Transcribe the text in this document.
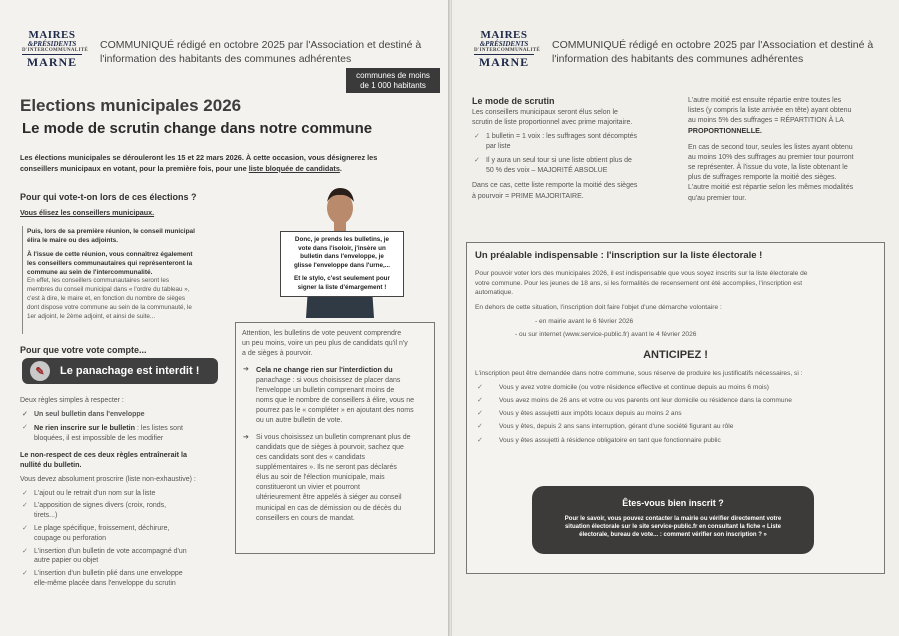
MAIRES
&PRÉSIDENTS
D'INTERCOMMUNALITÉ
MARNE
COMMUNIQUÉ rédigé en octobre 2025 par l'Association et destiné à
l'information des habitants des communes adhérentes
communes de moins
de 1 000 habitants
Elections municipales 2026
Le mode de scrutin change dans notre commune
Les élections municipales se dérouleront les 15 et 22 mars 2026. À cette occasion, vous désignerez les
conseillers municipaux en votant, pour la première fois, pour une liste bloquée de candidats.
Pour qui vote-t-on lors de ces élections ?
Vous élisez les conseillers municipaux.
Puis, lors de sa première réunion, le conseil municipal
élira le maire ou des adjoints.
À l'issue de cette réunion, vous connaîtrez également
les conseillers communautaires qui représenteront la
commune au sein de l'intercommunalité.
En effet, les conseillers communautaires seront les
membres du conseil municipal dans « l'ordre du tableau »,
c'est à dire, le maire et, en fonction du nombre de sièges
dont dispose votre commune au sein de la communauté, le
1er adjoint, le 2ème adjoint, et ainsi de suite...
Donc, je prends les bulletins, je
vote dans l'isoloir, j'insère un
bulletin dans l'enveloppe, je
glisse l'enveloppe dans l'urne,...
Et le stylo, c'est seulement pour
signer la liste d'émargement !
Pour que votre vote compte...
✎	Le panachage est interdit !
Deux règles simples à respecter :
✓ Un seul bulletin dans l'enveloppe
✓ Ne rien inscrire sur le bulletin : les listes sont
bloquées, il est impossible de les modifier
Le non-respect de ces deux règles entraînerait la
nullité du bulletin.
Vous devez absolument proscrire (liste non-exhaustive) :
✓ L'ajout ou le retrait d'un nom sur la liste
✓ L'apposition de signes divers (croix, ronds,
tirets...)
✓ Le plage spécifique, froissement, déchirure,
coupage ou perforation
✓ L'insertion d'un bulletin de vote accompagné d'un
autre papier ou objet
✓ L'insertion d'un bulletin plié dans une enveloppe
elle-même placée dans l'enveloppe du scrutin
Attention, les bulletins de vote peuvent comprendre
un peu moins, voire un peu plus de candidats qu'il n'y
a de sièges à pourvoir.
➔ Cela ne change rien sur l'interdiction du
panachage : si vous choisissez de placer dans
l'enveloppe un bulletin comprenant moins de
noms que le nombre de conseillers à élire, vous ne
pourrez pas le « compléter » en ajoutant des noms
ou un autre bulletin de vote.
➔ Si vous choisissez un bulletin comprenant plus de
candidats que de sièges à pourvoir, sachez que
ces candidats sont des « candidats
supplémentaires ». Ils ne seront pas déclarés
élus au soir de l'élection municipale, mais
constitueront un vivier et pourront
ultérieurement être appelés à siéger au conseil
municipal en cas de démission ou de décès du
conseillers en cours de mandat.
MAIRES
&PRÉSIDENTS
D'INTERCOMMUNALITÉ
MARNE
COMMUNIQUÉ rédigé en octobre 2025 par l'Association et destiné à
l'information des habitants des communes adhérentes
Le mode de scrutin
Les conseillers municipaux seront élus selon le
scrutin de liste proportionnel avec prime majoritaire.
✓ 1 bulletin = 1 voix : les suffrages sont décomptés
par liste
✓ Il y aura un seul tour si une liste obtient plus de
50 % des voix – MAJORITÉ ABSOLUE
Dans ce cas, cette liste remporte la moitié des sièges
à pourvoir = PRIME MAJORITAIRE.
L'autre moitié est ensuite répartie entre toutes les
listes (y compris la liste arrivée en tête) ayant obtenu
au moins 5% des suffrages = RÉPARTITION À LA
PROPORTIONNELLE.
En cas de second tour, seules les listes ayant obtenu
au moins 10% des suffrages au premier tour pourront
se représenter. À l'issue du vote, la liste obtenant le
plus de suffrages remporte la moitié des sièges.
L'autre moitié est répartie selon les mêmes modalités
qu'au premier tour.
Un préalable indispensable : l'inscription sur la liste électorale !
Pour pouvoir voter lors des municipales 2026, il est indispensable que vous soyez inscrits sur la liste électorale de
votre commune. Pour les jeunes de 18 ans, si les formalités de recensement ont été accomplies, l'inscription est
automatique.
En dehors de cette situation, l'inscription doit faire l'objet d'une démarche volontaire :
- en mairie avant le 6 février 2026
- ou sur internet (www.service-public.fr) avant le 4 février 2026
ANTICIPEZ !
L'inscription peut être demandée dans notre commune, sous réserve de produire les justificatifs nécessaires, si :
✓ Vous y avez votre domicile (ou votre résidence effective et continue depuis au moins 6 mois)
✓ Vous avez moins de 26 ans et votre ou vos parents ont leur domicile ou résidence dans la commune
✓ Vous y êtes assujetti aux impôts locaux depuis au moins 2 ans
✓ Vous y êtes, depuis 2 ans sans interruption, gérant d'une société figurant au rôle
✓ Vous y êtes assujetti à résidence obligatoire en tant que fonctionnaire public
Êtes-vous bien inscrit ?
Pour le savoir, vous pouvez contacter la mairie ou vérifier directement votre
situation électorale sur le site service-public.fr en consultant la fiche « Liste
électorale, bureau de vote... : comment vérifier son inscription ? »
